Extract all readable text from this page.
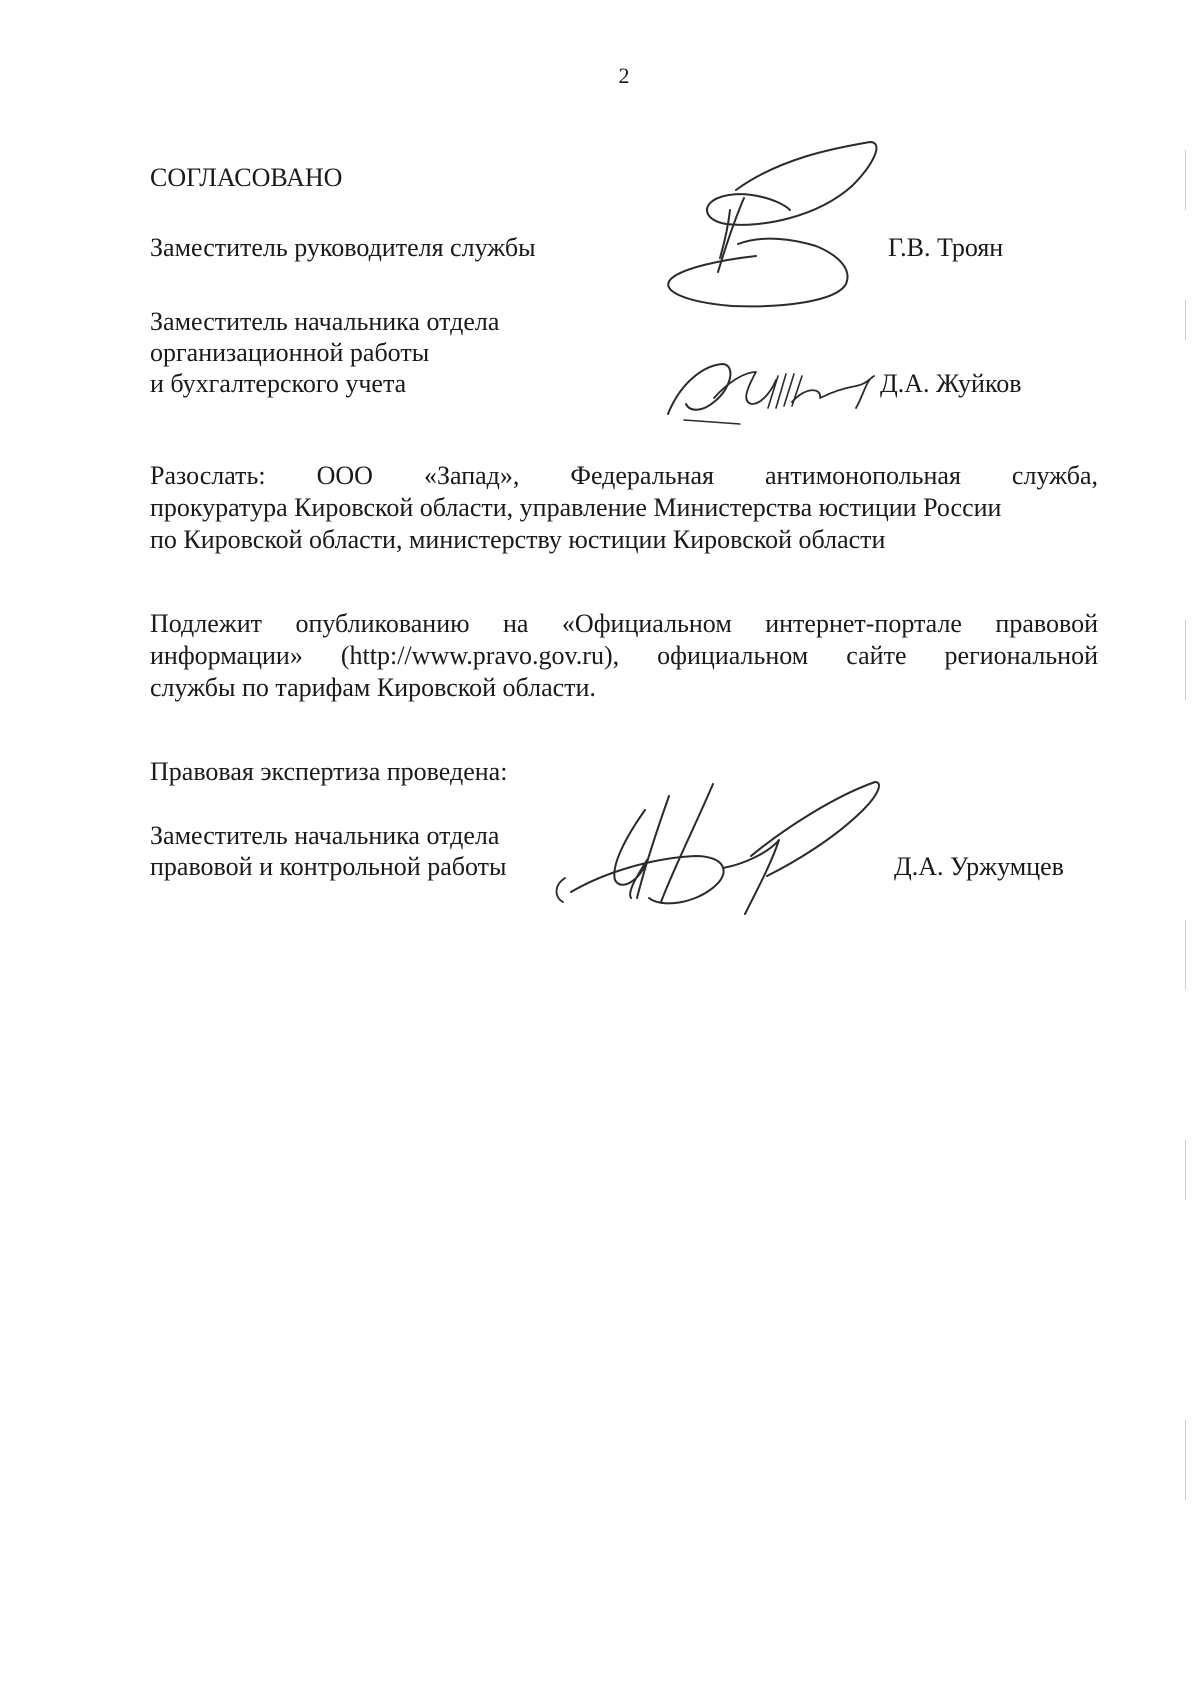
2
СОГЛАСОВАНО
Заместитель руководителя службы	Г.В. Троян
Заместитель начальника отдела
организационной работы
и бухгалтерского учета	Д.А. Жуйков

Разослать: ООО «Запад», Федеральная антимонопольная служба,

прокуратура Кировской области, управление Министерства юстиции России

по Кировской области, министерству юстиции Кировской области

Подлежит опубликованию на «Официальном интернет-портале правовой

информации» (http://www.pravo.gov.ru), официальном сайте региональной

службы по тарифам Кировской области.

Правовая экспертиза проведена:
Заместитель начальника отдела
правовой и контрольной работы	Д.А. Уржумцев
